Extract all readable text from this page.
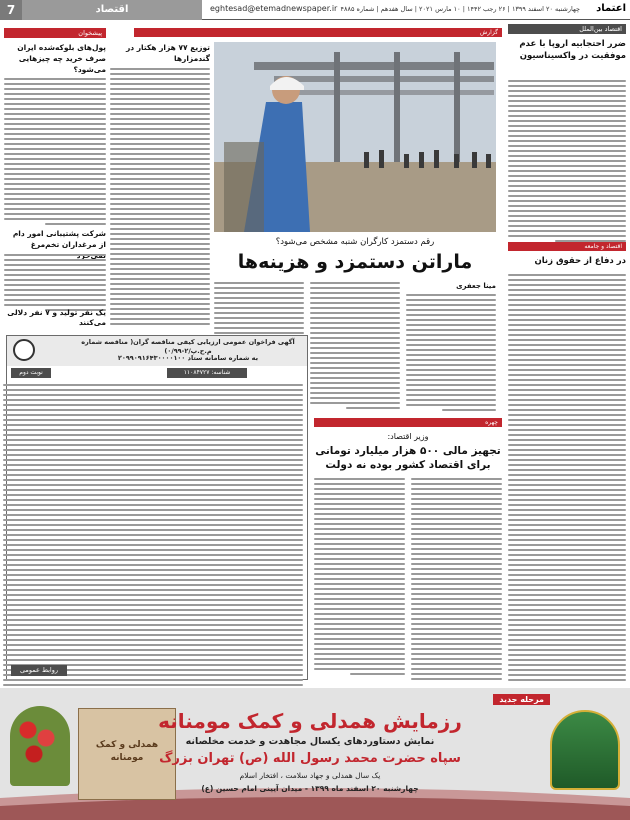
7	اقتصاد	eghtesad@etemadnewspaper.ir چهارشنبه ۲۰ اسفند ۱۳۹۹ | ۲۶ رجب ۱۴۴۲ | ۱۰ مارس ۲۰۲۱ | سال هفدهم | شماره ۴۸۸۵ اعتماد
اقتصاد بین‌الملل
ضرر احتجابیه اروپا با عدم موفقیت در واکسیناسیون
اقتصاد و جامعه
در دفاع از حقوق زنان
گزارش
رقم دستمزد کارگران شنبه مشخص می‌شود؟
ماراتن دستمزد و هزینه‌ها
مینا جعفری
توزیع ۷۷ هزار هکتار در گندمزارها
پیشخوان
پول‌های بلوکه‌شده ایران صرف خرید چه چیزهایی می‌شود؟
شرکت پشتیبانی امور دام از مرغداران تخم‌مرغ
یک نفر تولید و ۷ نفر دلالی می‌کنند
چهره
وزیر اقتصاد:
تجهیز مالی ۵۰۰ هزار میلیارد تومانی
برای اقتصاد کشور بوده نه دولت
آگهی فراخوان عمومی ارزیابی کیفی مناقصه گران( مناقصه شماره م.ح.پ/۲-۰/۹۹)
به شماره سامانه ستاد ۲۰۹۹۰۹۱۶۴۳۰۰۰۰۱۰۰
نوبت دوم	شناسه: ۱۱۰۸۴۷۲۷
روابط عمومی
همدلی و کمک مومنانه
مرحله جدید
رزمایش همدلی و کمک مومنانه
نمایش دستاوردهای یکسال مجاهدت و خدمت مخلصانه
سپاه حضرت محمد رسول الله (ص) تهران بزرگ
یک سال همدلی و جهاد سلامت ، افتخار اسلام
چهارشنبه ۲۰ اسفند ماه ۱۳۹۹ - میدان آیینی امام حسین (ع)
